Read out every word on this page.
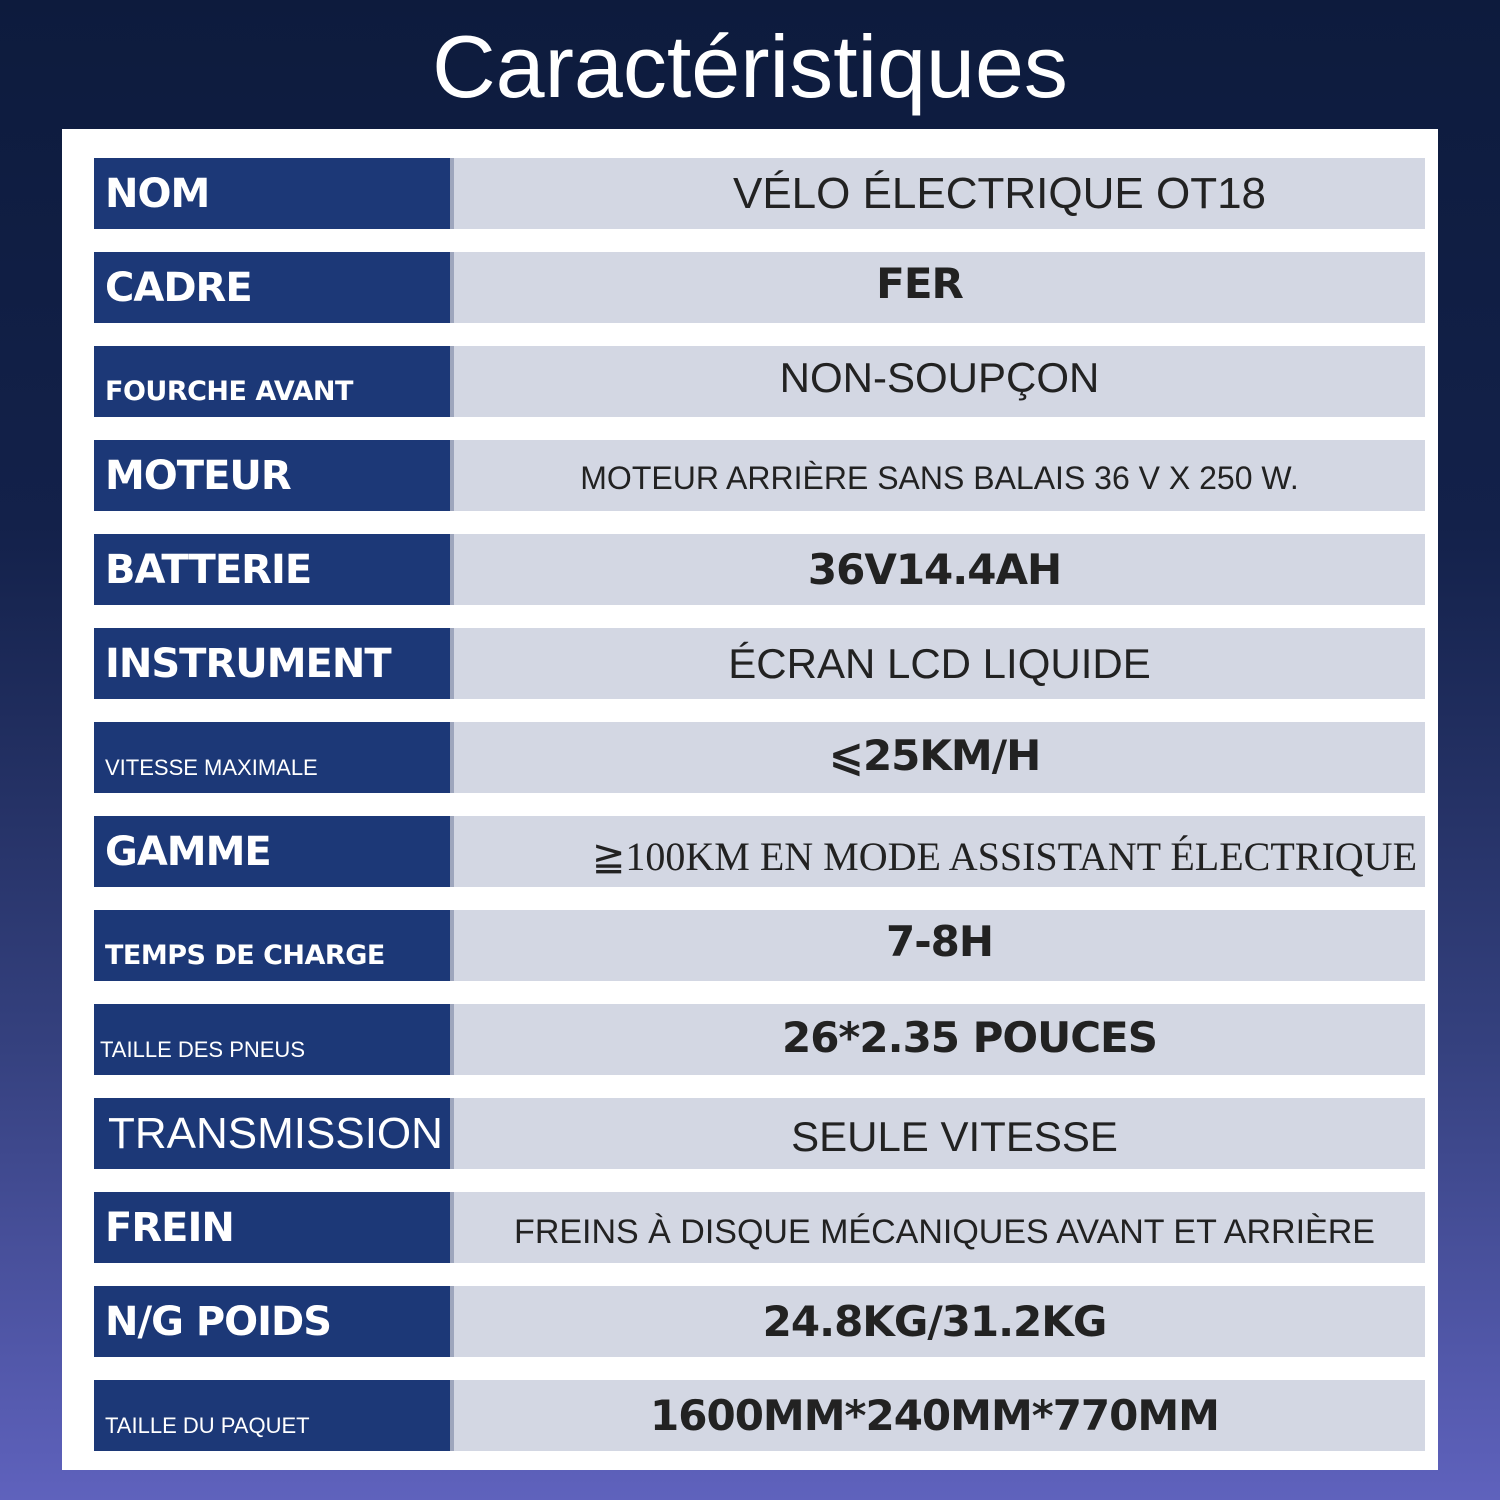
Caractéristiques
NOM	VÉLO ÉLECTRIQUE OT18
CADRE	FER
FOURCHE AVANT	NON-SOUPÇON
MOTEUR	MOTEUR ARRIÈRE SANS BALAIS 36 V X 250 W.
BATTERIE	36V14.4AH
INSTRUMENT	ÉCRAN LCD LIQUIDE
VITESSE MAXIMALE	⩽25KM/H
GAMME	≧100KM EN MODE ASSISTANT ÉLECTRIQUE
TEMPS DE CHARGE	7-8H
TAILLE DES PNEUS	26*2.35 POUCES
TRANSMISSION	SEULE VITESSE
FREIN	FREINS À DISQUE MÉCANIQUES AVANT ET ARRIÈRE
N/G POIDS	24.8KG/31.2KG
TAILLE DU PAQUET	1600MM*240MM*770MM
